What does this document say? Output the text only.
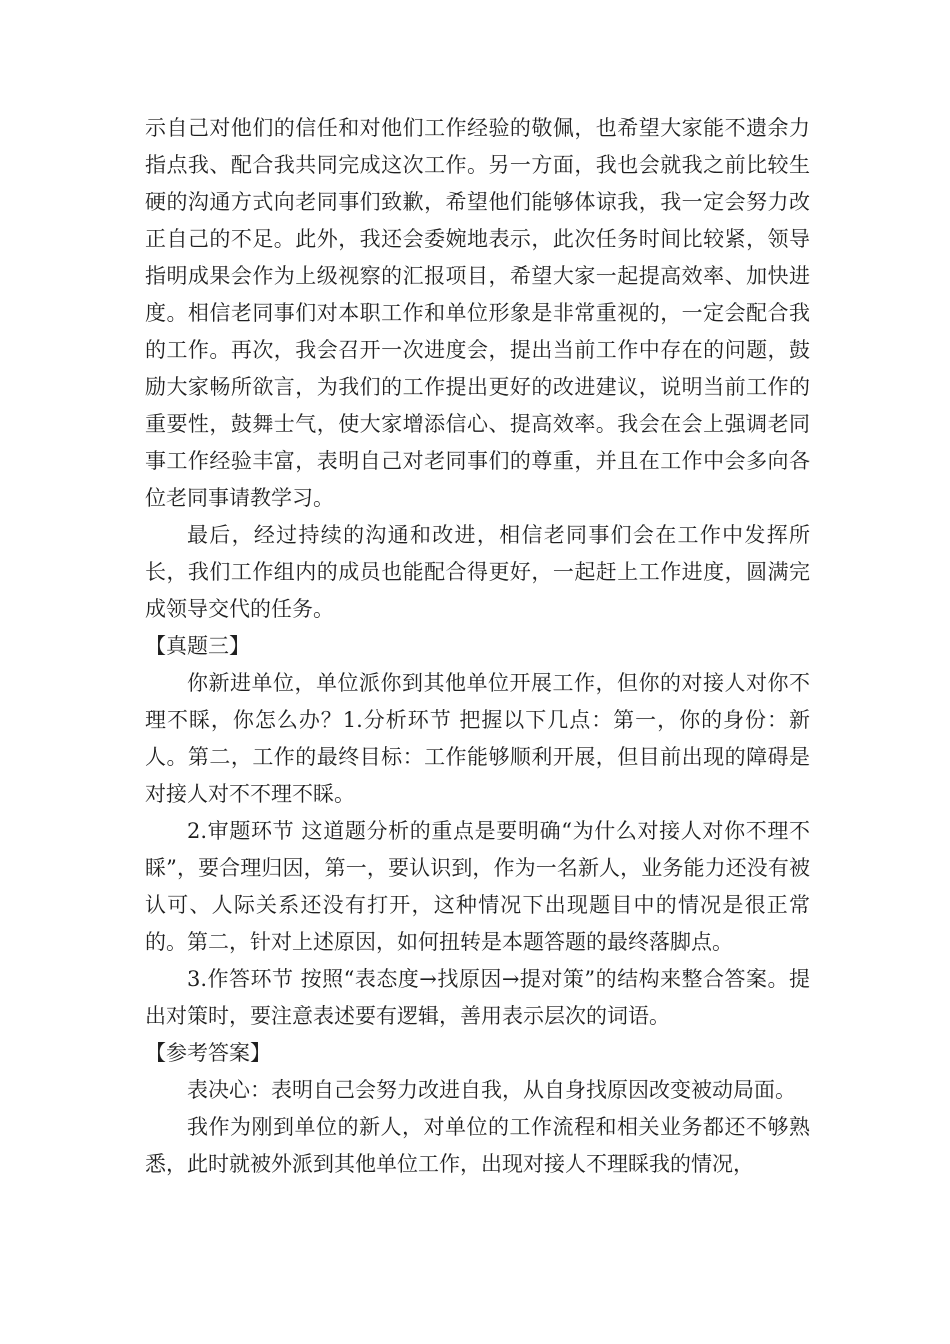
示自己对他们的信任和对他们工作经验的敬佩，也希望大家能不遗余力指点我、配合我共同完成这次工作。另一方面，我也会就我之前比较生硬的沟通方式向老同事们致歉，希望他们能够体谅我，我一定会努力改正自己的不足。此外，我还会委婉地表示，此次任务时间比较紧，领导指明成果会作为上级视察的汇报项目，希望大家一起提高效率、加快进度。相信老同事们对本职工作和单位形象是非常重视的，一定会配合我的工作。再次，我会召开一次进度会，提出当前工作中存在的问题，鼓励大家畅所欲言，为我们的工作提出更好的改进建议，说明当前工作的重要性，鼓舞士气，使大家增添信心、提高效率。我会在会上强调老同事工作经验丰富，表明自己对老同事们的尊重，并且在工作中会多向各位老同事请教学习。

最后，经过持续的沟通和改进，相信老同事们会在工作中发挥所长，我们工作组内的成员也能配合得更好，一起赶上工作进度，圆满完成领导交代的任务。

【真题三】

你新进单位，单位派你到其他单位开展工作，但你的对接人对你不理不睬，你怎么办？1.分析环节 把握以下几点：第一，你的身份：新人。第二，工作的最终目标：工作能够顺利开展，但目前出现的障碍是对接人对不不理不睬。

2.审题环节 这道题分析的重点是要明确“为什么对接人对你不理不睬”，要合理归因，第一，要认识到，作为一名新人，业务能力还没有被认可、人际关系还没有打开，这种情况下出现题目中的情况是很正常的。第二，针对上述原因，如何扭转是本题答题的最终落脚点。

3.作答环节 按照“表态度→找原因→提对策”的结构来整合答案。提出对策时，要注意表述要有逻辑，善用表示层次的词语。

【参考答案】

表决心：表明自己会努力改进自我，从自身找原因改变被动局面。

我作为刚到单位的新人，对单位的工作流程和相关业务都还不够熟悉，此时就被外派到其他单位工作，出现对接人不理睬我的情况，
